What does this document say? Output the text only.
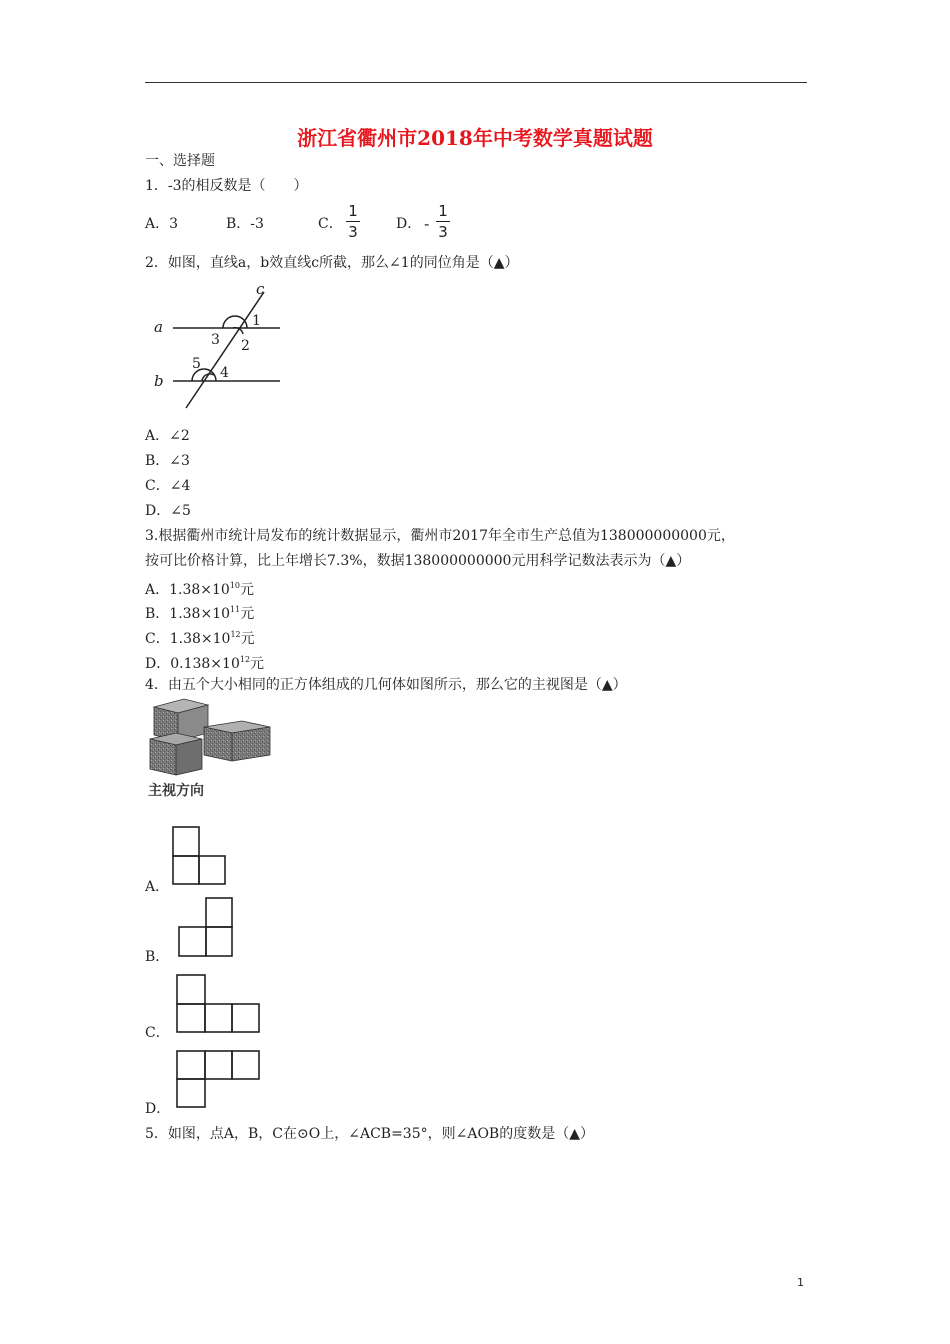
浙江省衢州市2018年中考数学真题试题
一、选择题
1．-3的相反数是（　　）
A．3	B．-3	C．
1
3	D． -
1
3
2．如图，直线a，b效直线c所截，那么∠1的同位角是（▲）
c
a
b
1
2
3
4
5
A．∠2
B．∠3
C．∠4
D．∠5
3.根据衢州市统计局发布的统计数据显示，衢州市2017年全市生产总值为138000000000元，
按可比价格计算，比上年增长7.3%，数据138000000000元用科学记数法表示为（▲）
A．$1.38\times 10^{10}$元
B．$1.38\times 10^{11}$元
C．$1.38\times 10^{12}$元
D．$0.138\times 10^{12}$元
4．由五个大小相同的正方体组成的几何体如图所示，那么它的主视图是（▲）
主视方向
A．
B．
C．
D．
5．如图，点A，B，C在⊙O上，∠ACB=35°，则∠AOB的度数是（▲）
1
